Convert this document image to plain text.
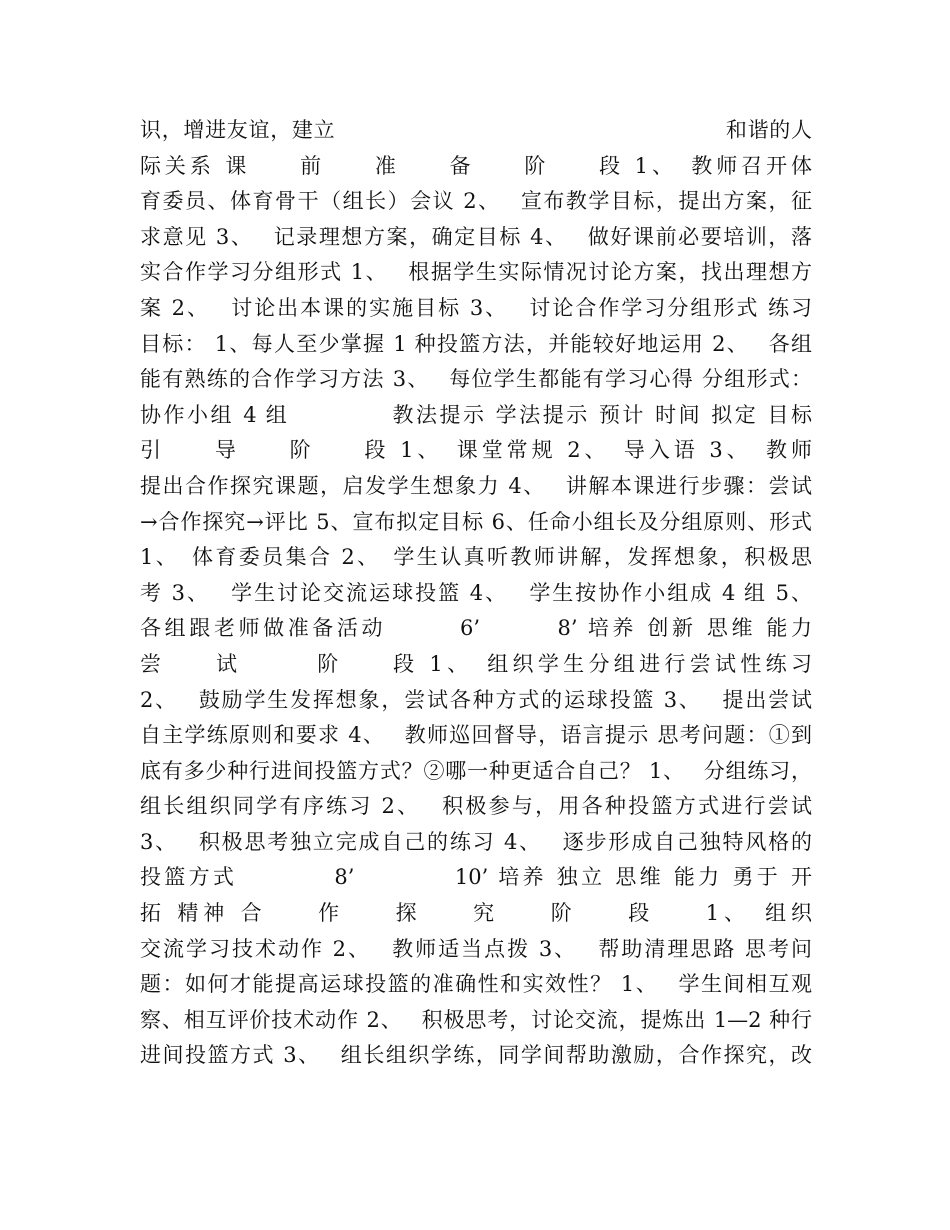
识，增进友谊，建立　　　　　　　　　　　　　　　　　　和谐的人
际关系 课　　前　　准　　备　　阶　　段 1、　教师召开体
育委员、体育骨干（组长）会议 2、　 宣布教学目标，提出方案，征
求意见 3、　 记录理想方案，确定目标 4、　 做好课前必要培训，落
实合作学习分组形式 1、　 根据学生实际情况讨论方案，找出理想方
案 2、　 讨论出本课的实施目标 3、　 讨论合作学习分组形式 练习
目标： 1、每人至少掌握 1 种投篮方法，并能较好地运用 2、　 各组
能有熟练的合作学习方法 3、　 每位学生都能有学习心得 分组形式：
协作小组 4 组　　　　 教法提示 学法提示 预计 时间 拟定 目标
引　　导　　阶　　段 1、　课堂常规 2、　导入语 3、　教师
提出合作探究课题，启发学生想象力 4、　 讲解本课进行步骤：尝试
→合作探究→评比 5、宣布拟定目标 6、任命小组长及分组原则、形式
1、　体育委员集合 2、　学生认真听教师讲解，发挥想象，积极思
考 3、　 学生讨论交流运球投篮 4、　 学生按协作小组成 4 组 5、
各组跟老师做准备活动　　　6’　　　8’ 培养 创新 思维 能力
尝　　试　　　阶　　段 1、　组织学生分组进行尝试性练习
2、　 鼓励学生发挥想象，尝试各种方式的运球投篮 3、　 提出尝试
自主学练原则和要求 4、　 教师巡回督导，语言提示 思考问题：①到
底有多少种行进间投篮方式？②哪一种更适合自己？ 1、　 分组练习，
组长组织同学有序练习 2、　 积极参与，用各种投篮方式进行尝试
3、　 积极思考独立完成自己的练习 4、　 逐步形成自己独特风格的
投篮方式　　　　8’　　　　10’ 培养 独立 思维 能力 勇于 开
拓 精神 合　　作　　探　　究　　阶　　段　　1、　组织
交流学习技术动作 2、　 教师适当点拨 3、　 帮助清理思路 思考问
题：如何才能提高运球投篮的准确性和实效性？ 1、　 学生间相互观
察、相互评价技术动作 2、　 积极思考，讨论交流，提炼出 1—2 种行
进间投篮方式 3、　 组长组织学练，同学间帮助激励，合作探究，改
